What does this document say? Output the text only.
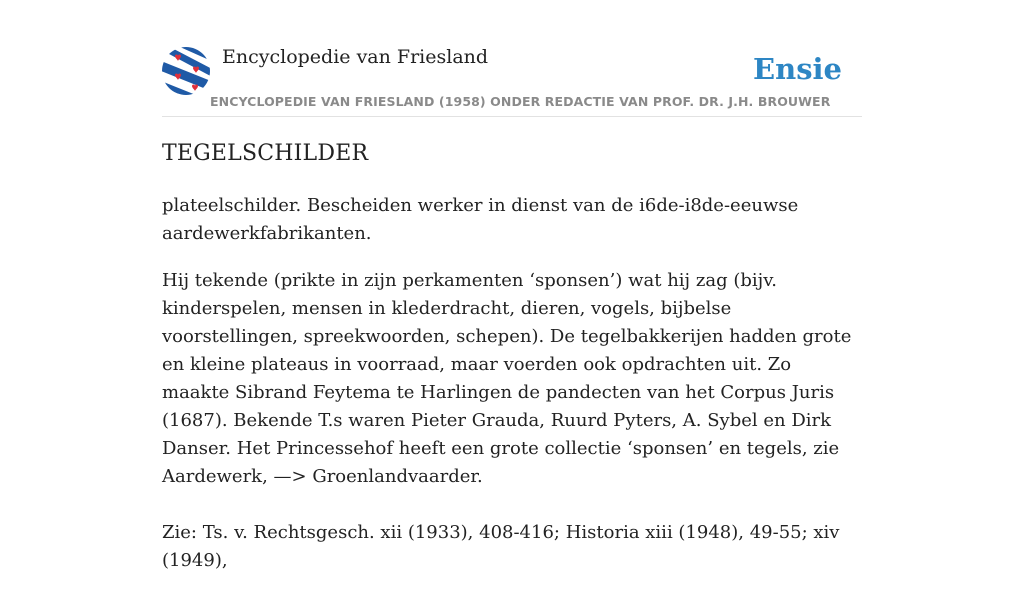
Encyclopedie van Friesland
ENCYCLOPEDIE VAN FRIESLAND (1958) ONDER REDACTIE VAN PROF. DR. J.H. BROUWER
Ensie
TEGELSCHILDER

plateelschilder. Bescheiden werker in dienst van de i6de-i8de-eeuwse aardewerkfabrikanten.

Hij tekende (prikte in zijn perkamenten ‘sponsen’) wat hij zag (bijv. kinderspelen, mensen in klederdracht, dieren, vogels, bijbelse voorstellingen, spreekwoorden, schepen). De tegelbakkerijen hadden grote en kleine plateaus in voorraad, maar voerden ook opdrachten uit. Zo maakte Sibrand Feytema te Harlingen de pandecten van het Corpus Juris (1687). Bekende T.s waren Pieter Grauda, Ruurd Pyters, A. Sybel en Dirk Danser. Het Princessehof heeft een grote collectie ‘sponsen’ en tegels, zie Aardewerk, —> Groenlandvaarder.

Zie: Ts. v. Rechtsgesch. xii (1933), 408-416; Historia xiii (1948), 49-55; xiv (1949),
